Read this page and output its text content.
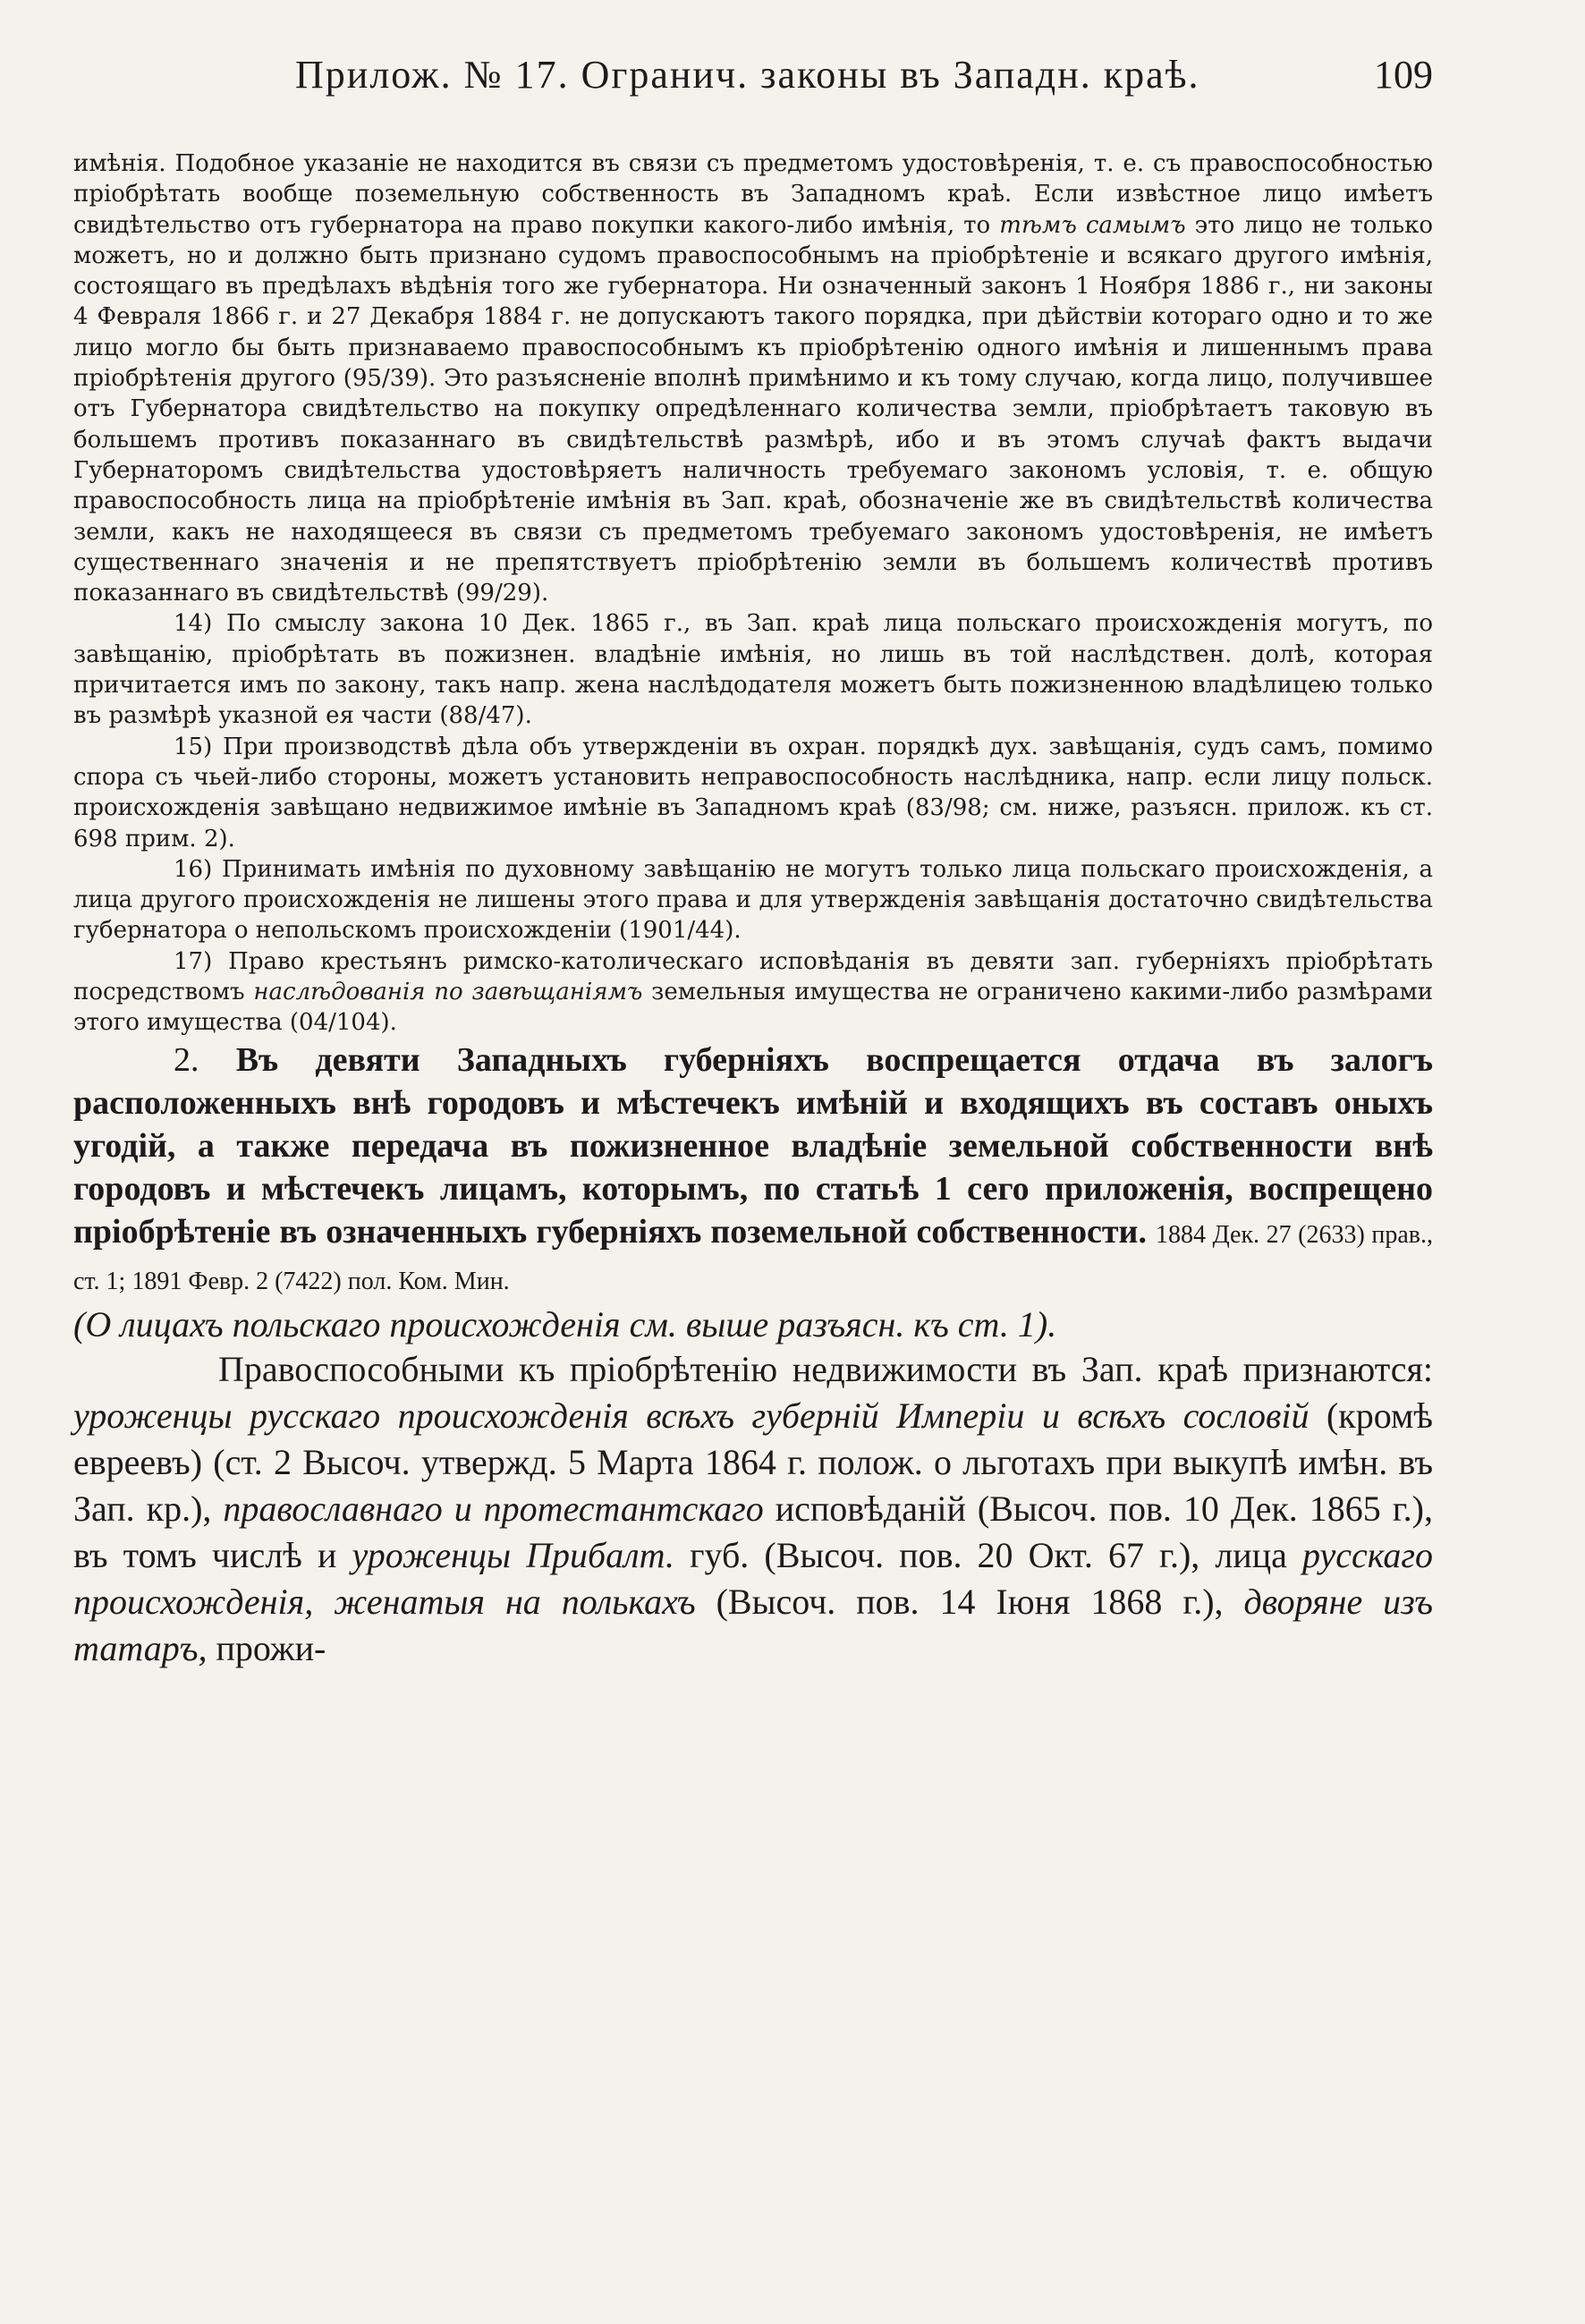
Прилож. № 17. Огранич. законы въ Западн. краѣ.	109

имѣнія. Подобное указаніе не находится въ связи съ предметомъ удостовѣренія, т. е. съ правоспособностью пріобрѣтать вообще поземельную собственность въ Западномъ краѣ. Если извѣстное лицо имѣетъ свидѣтельство отъ губернатора на право покупки какого-либо имѣнія, то тѣмъ самымъ это лицо не только можетъ, но и должно быть признано судомъ правоспособнымъ на пріобрѣтеніе и всякаго другого имѣнія, состоящаго въ предѣлахъ вѣдѣнія того же губернатора. Ни означенный законъ 1 Ноября 1886 г., ни законы 4 Февраля 1866 г. и 27 Декабря 1884 г. не допускаютъ такого порядка, при дѣйствіи котораго одно и то же лицо могло бы быть признаваемо правоспособнымъ къ пріобрѣтенію одного имѣнія и лишеннымъ права пріобрѣтенія другого (95/39). Это разъясненіе вполнѣ примѣнимо и къ тому случаю, когда лицо, получившее отъ Губернатора свидѣтельство на покупку опредѣленнаго количества земли, пріобрѣтаетъ таковую въ большемъ противъ показаннаго въ свидѣтельствѣ размѣрѣ, ибо и въ этомъ случаѣ фактъ выдачи Губернаторомъ свидѣтельства удостовѣряетъ наличность требуемаго закономъ условія, т. е. общую правоспособность лица на пріобрѣтеніе имѣнія въ Зап. краѣ, обозначеніе же въ свидѣтельствѣ количества земли, какъ не находящееся въ связи съ предметомъ требуемаго закономъ удостовѣренія, не имѣетъ существеннаго значенія и не препятствуетъ пріобрѣтенію земли въ большемъ количествѣ противъ показаннаго въ свидѣтельствѣ (99/29).

14) По смыслу закона 10 Дек. 1865 г., въ Зап. краѣ лица польскаго происхожденія могутъ, по завѣщанію, пріобрѣтать въ пожизнен. владѣніе имѣнія, но лишь въ той наслѣдствен. долѣ, которая причитается имъ по закону, такъ напр. жена наслѣдодателя можетъ быть пожизненною владѣлицею только въ размѣрѣ указной ея части (88/47).

15) При производствѣ дѣла объ утвержденіи въ охран. порядкѣ дух. завѣщанія, судъ самъ, помимо спора съ чьей-либо стороны, можетъ установить неправоспособность наслѣдника, напр. если лицу польск. происхожденія завѣщано недвижимое имѣніе въ Западномъ краѣ (83/98; см. ниже, разъясн. прилож. къ ст. 698 прим. 2).

16) Принимать имѣнія по духовному завѣщанію не могутъ только лица польскаго происхожденія, а лица другого происхожденія не лишены этого права и для утвержденія завѣщанія достаточно свидѣтельства губернатора о непольскомъ происхожденіи (1901/44).

17) Право крестьянъ римско-католическаго исповѣданія въ девяти зап. губерніяхъ пріобрѣтать посредствомъ наслѣдованія по завѣщаніямъ земельныя имущества не ограничено какими-либо размѣрами этого имущества (04/104).

2. Въ девяти Западныхъ губерніяхъ воспрещается отдача въ залогъ расположенныхъ внѣ городовъ и мѣстечекъ имѣній и входящихъ въ составъ оныхъ угодій, а также передача въ пожизненное владѣніе земельной собственности внѣ городовъ и мѣстечекъ лицамъ, которымъ, по статьѣ 1 сего приложенія, воспрещено пріобрѣтеніе въ означенныхъ губерніяхъ поземельной собственности. 1884 Дек. 27 (2633) прав., ст. 1; 1891 Февр. 2 (7422) пол. Ком. Мин.

(О лицахъ польскаго происхожденія см. выше разъясн. къ ст. 1).

Правоспособными къ пріобрѣтенію недвижимости въ Зап. краѣ признаются: уроженцы русскаго происхожденія всѣхъ губерній Имперіи и всѣхъ сословій (кромѣ евреевъ) (ст. 2 Высоч. утвержд. 5 Марта 1864 г. полож. о льготахъ при выкупѣ имѣн. въ Зап. кр.), православнаго и протестантскаго исповѣданій (Высоч. пов. 10 Дек. 1865 г.), въ томъ числѣ и уроженцы Прибалт. губ. (Высоч. пов. 20 Окт. 67 г.), лица русскаго происхожденія, женатыя на полькахъ (Высоч. пов. 14 Іюня 1868 г.), дворяне изъ татаръ, прожи-
